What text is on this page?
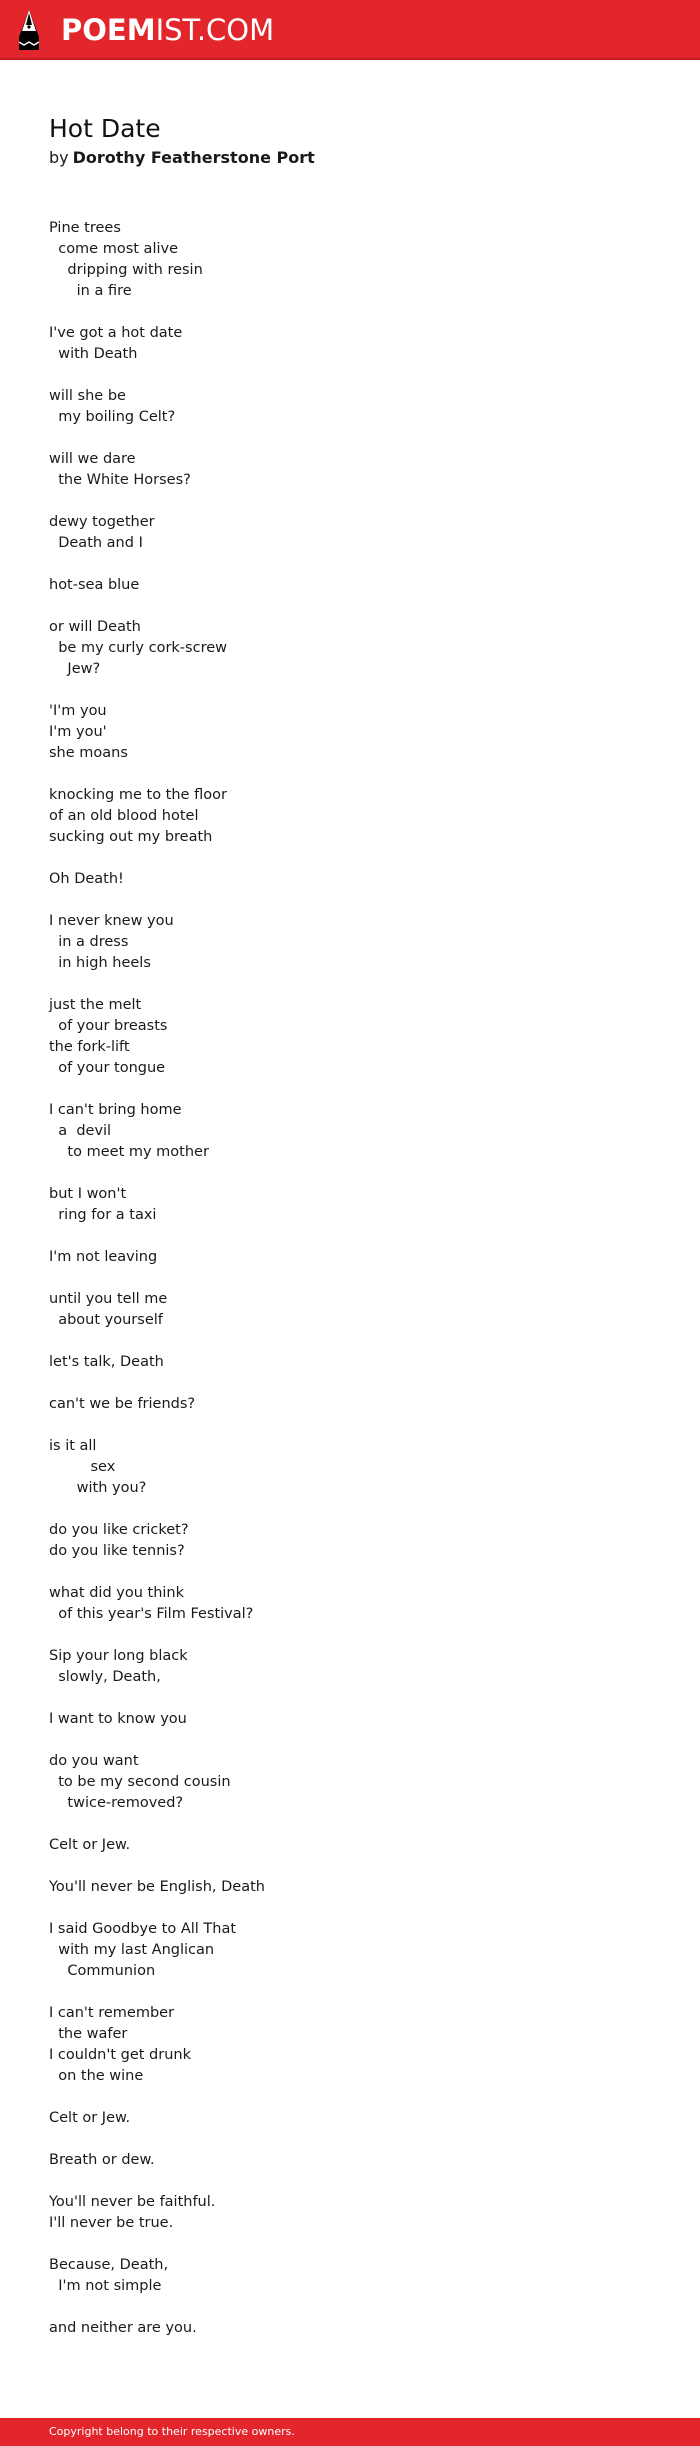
POEMIST.COM
Hot Date
by Dorothy Featherstone Port
Pine trees
come most alive
dripping with resin
in a fire

I've got a hot date
with Death

will she be
my boiling Celt?

will we dare
the White Horses?

dewy together
Death and I

hot-sea blue

or will Death
be my curly cork-screw
Jew?

'I'm you
I'm you'
she moans

knocking me to the floor
of an old blood hotel
sucking out my breath

Oh Death!

I never knew you
in a dress
in high heels

just the melt
of your breasts
the fork-lift
of your tongue

I can't bring home
a  devil
to meet my mother

but I won't
ring for a taxi

I'm not leaving

until you tell me
about yourself

let's talk, Death

can't we be friends?

is it all
sex
with you?

do you like cricket?
do you like tennis?

what did you think
of this year's Film Festival?

Sip your long black
slowly, Death,

I want to know you

do you want
to be my second cousin
twice-removed?

Celt or Jew.

You'll never be English, Death

I said Goodbye to All That
with my last Anglican
Communion

I can't remember
the wafer
I couldn't get drunk
on the wine

Celt or Jew.

Breath or dew.

You'll never be faithful.
I'll never be true.

Because, Death,
I'm not simple

and neither are you.
Copyright belong to their respective owners.
